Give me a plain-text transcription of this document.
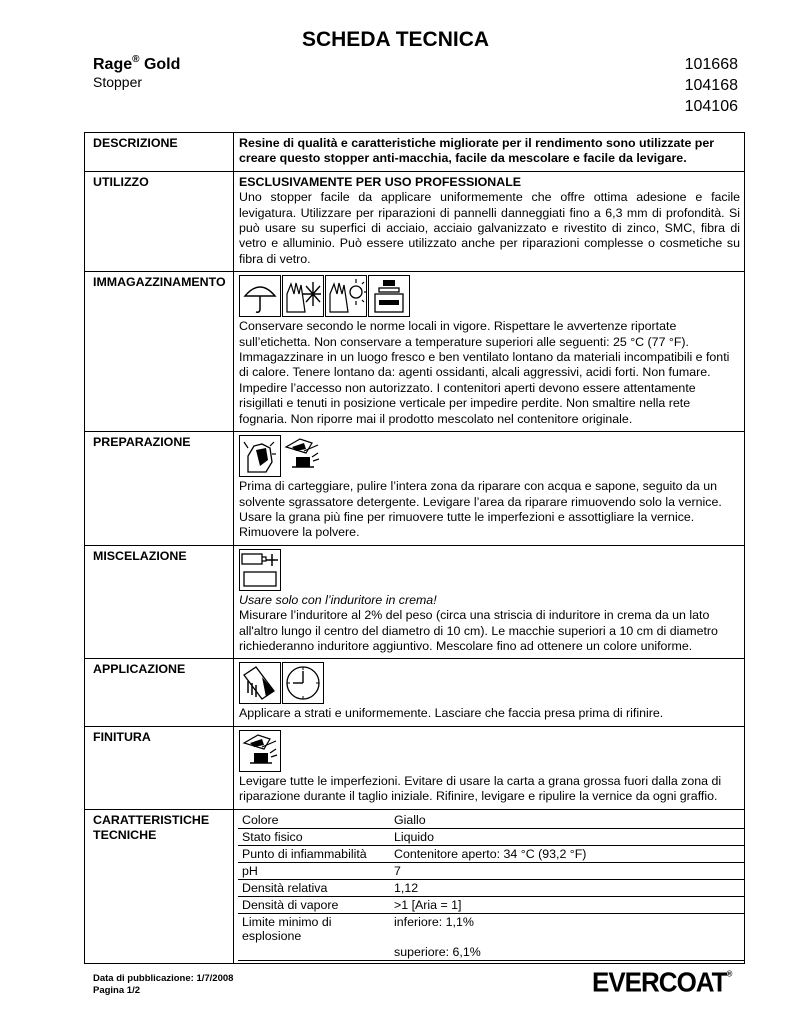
SCHEDA TECNICA
Rage® Gold
Stopper
101668
104168
104106
DESCRIZIONE	Resine di qualità e caratteristiche migliorate per il rendimento sono utilizzate per creare questo stopper anti-macchia, facile da mescolare e facile da levigare.
UTILIZZO	ESCLUSIVAMENTE PER USO PROFESSIONALE
Uno stopper facile da applicare uniformemente che offre ottima adesione e facile levigatura. Utilizzare per riparazioni di pannelli danneggiati fino a 6,3 mm di profondità. Si può usare su superfici di acciaio, acciaio galvanizzato e rivestito di zinco, SMC, fibra di vetro e alluminio. Può essere utilizzato anche per riparazioni complesse o cosmetiche su fibra di vetro.

IMMAGAZZINAMENTO	
Conservare secondo le norme locali in vigore. Rispettare le avvertenze riportate sull’etichetta. Non conservare a temperature superiori alle seguenti: 25 °C (77 °F). Immagazzinare in un luogo fresco e ben ventilato lontano da materiali incompatibili e fonti di calore. Tenere lontano da: agenti ossidanti, alcali aggressivi, acidi forti. Non fumare. Impedire l’accesso non autorizzato. I contenitori aperti devono essere attentamente risigillati e tenuti in posizione verticale per impedire perdite. Non smaltire nella rete fognaria. Non riporre mai il prodotto mescolato nel contenitore originale.

PREPARAZIONE	
Prima di carteggiare, pulire l’intera zona da riparare con acqua e sapone, seguito da un solvente sgrassatore detergente. Levigare l’area da riparare rimuovendo solo la vernice. Usare la grana più fine per rimuovere tutte le imperfezioni e assottigliare la vernice. Rimuovere la polvere.

MISCELAZIONE	
Usare solo con l’induritore in crema!
Misurare l’induritore al 2% del peso (circa una striscia di induritore in crema da un lato all'altro lungo il centro del diametro di 10 cm). Le macchie superiori a 10 cm di diametro richiederanno induritore aggiuntivo. Mescolare fino ad ottenere un colore uniforme.

APPLICAZIONE	
Applicare a strati e uniformemente. Lasciare che faccia presa prima di rifinire.

FINITURA	
Levigare tutte le imperfezioni. Evitare di usare la carta a grana grossa fuori dalla zona di riparazione durante il taglio iniziale. Rifinire, levigare e ripulire la vernice da ogni graffio.

CARATTERISTICHE TECNICHE	
Colore	Giallo
Stato fisico	Liquido
Punto di infiammabilità	Contenitore aperto: 34 °C (93,2 °F)
pH	7
Densità relativa	1,12
Densità di vapore	>1 [Aria = 1]
Limite minimo di esplosione	inferiore: 1,1%
	superiore: 6,1%
Data di pubblicazione: 1/7/2008
Pagina 1/2	EVERCOAT®
